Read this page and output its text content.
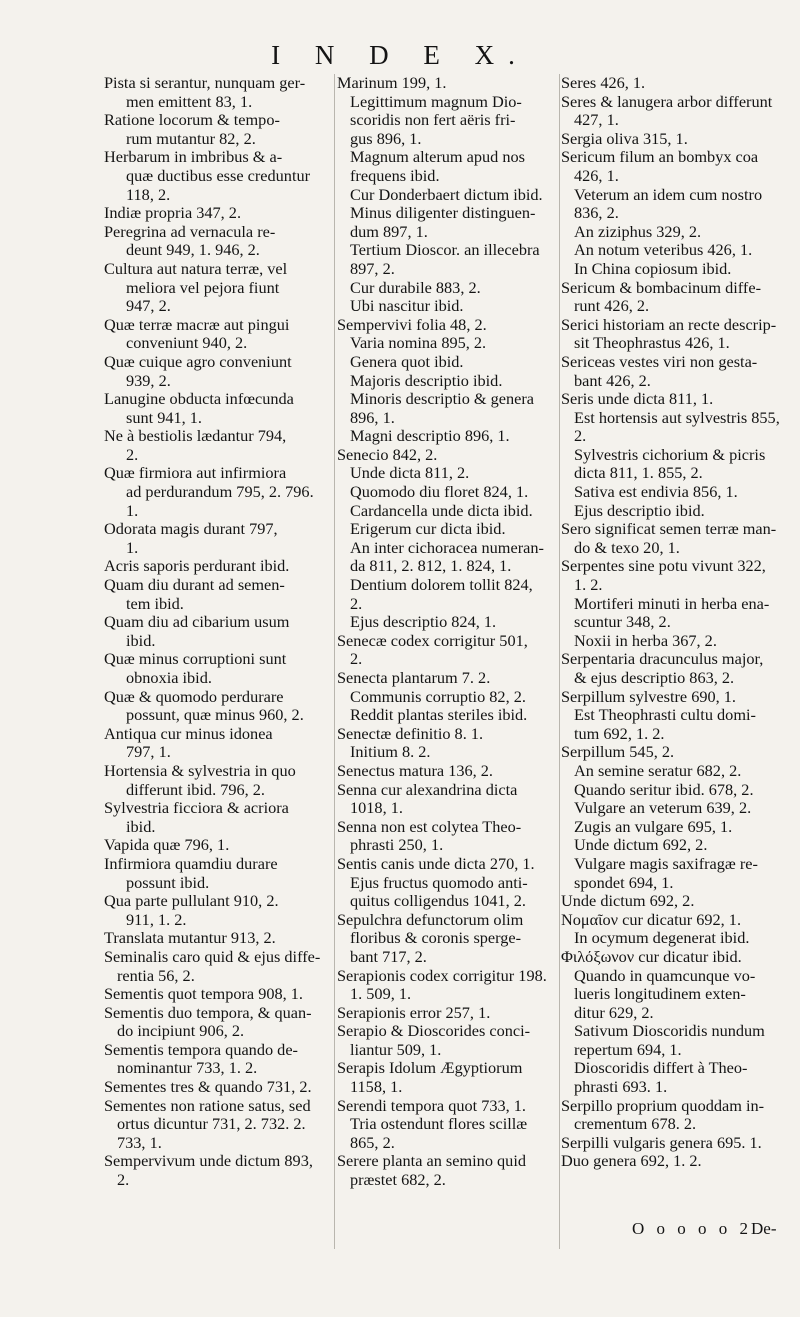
I N D E X.
Pista si serantur, nunquam ger-
men emittent 83, 1.
Ratione locorum & tempo-
rum mutantur 82, 2.
Herbarum in imbribus & a-
quæ ductibus esse creduntur
118, 2.
Indiæ propria 347, 2.
Peregrina ad vernacula re-
deunt 949, 1. 946, 2.
Cultura aut natura terræ, vel
meliora vel pejora fiunt
947, 2.
Quæ terræ macræ aut pingui
conveniunt 940, 2.
Quæ cuique agro conveniunt
939, 2.
Lanugine obducta infœcunda
sunt 941, 1.
Ne à bestiolis lædantur 794,
2.
Quæ firmiora aut infirmiora
ad perdurandum 795, 2. 796.
1.
Odorata magis durant 797,
1.
Acris saporis perdurant ibid.
Quam diu durant ad semen-
tem ibid.
Quam diu ad cibarium usum
ibid.
Quæ minus corruptioni sunt
obnoxia ibid.
Quæ & quomodo perdurare
possunt, quæ minus 960, 2.
Antiqua cur minus idonea
797, 1.
Hortensia & sylvestria in quo
differunt ibid. 796, 2.
Sylvestria ficciora & acriora
ibid.
Vapida quæ 796, 1.
Infirmiora quamdiu durare
possunt ibid.
Qua parte pullulant 910, 2.
911, 1. 2.
Translata mutantur 913, 2.
Seminalis caro quid & ejus diffe-
rentia 56, 2.
Sementis quot tempora 908, 1.
Sementis duo tempora, & quan-
do incipiunt 906, 2.
Sementis tempora quando de-
nominantur 733, 1. 2.
Sementes tres & quando 731, 2.
Sementes non ratione satus, sed
ortus dicuntur 731, 2. 732. 2.
733, 1.
Sempervivum unde dictum 893,
2.
Marinum 199, 1.
Legittimum magnum Dio-
scoridis non fert aëris fri-
gus 896, 1.
Magnum alterum apud nos
frequens ibid.
Cur Donderbaert dictum ibid.
Minus diligenter distinguen-
dum 897, 1.
Tertium Dioscor. an illecebra
897, 2.
Cur durabile 883, 2.
Ubi nascitur ibid.
Sempervivi folia 48, 2.
Varia nomina 895, 2.
Genera quot ibid.
Majoris descriptio ibid.
Minoris descriptio & genera
896, 1.
Magni descriptio 896, 1.
Senecio 842, 2.
Unde dicta 811, 2.
Quomodo diu floret 824, 1.
Cardancella unde dicta ibid.
Erigerum cur dicta ibid.
An inter cichoracea numeran-
da 811, 2. 812, 1. 824, 1.
Dentium dolorem tollit 824,
2.
Ejus descriptio 824, 1.
Senecæ codex corrigitur 501,
2.
Senecta plantarum 7. 2.
Communis corruptio 82, 2.
Reddit plantas steriles ibid.
Senectæ definitio 8. 1.
Initium 8. 2.
Senectus matura 136, 2.
Senna cur alexandrina dicta
1018, 1.
Senna non est colytea Theo-
phrasti 250, 1.
Sentis canis unde dicta 270, 1.
Ejus fructus quomodo anti-
quitus colligendus 1041, 2.
Sepulchra defunctorum olim
floribus & coronis sperge-
bant 717, 2.
Serapionis codex corrigitur 198.
1. 509, 1.
Serapionis error 257, 1.
Serapio & Dioscorides conci-
liantur 509, 1.
Serapis Idolum Ægyptiorum
1158, 1.
Serendi tempora quot 733, 1.
Tria ostendunt flores scillæ
865, 2.
Serere planta an semino quid
præstet 682, 2.
Seres 426, 1.
Seres & lanugera arbor differunt
427, 1.
Sergia oliva 315, 1.
Sericum filum an bombyx coa
426, 1.
Veterum an idem cum nostro
836, 2.
An ziziphus 329, 2.
An notum veteribus 426, 1.
In China copiosum ibid.
Sericum & bombacinum diffe-
runt 426, 2.
Serici historiam an recte descrip-
sit Theophrastus 426, 1.
Sericeas vestes viri non gesta-
bant 426, 2.
Seris unde dicta 811, 1.
Est hortensis aut sylvestris 855,
2.
Sylvestris cichorium & picris
dicta 811, 1. 855, 2.
Sativa est endivia 856, 1.
Ejus descriptio ibid.
Sero significat semen terræ man-
do & texo 20, 1.
Serpentes sine potu vivunt 322,
1. 2.
Mortiferi minuti in herba ena-
scuntur 348, 2.
Noxii in herba 367, 2.
Serpentaria dracunculus major,
& ejus descriptio 863, 2.
Serpillum sylvestre 690, 1.
Est Theophrasti cultu domi-
tum 692, 1. 2.
Serpillum 545, 2.
An semine seratur 682, 2.
Quando seritur ibid. 678, 2.
Vulgare an veterum 639, 2.
Zugis an vulgare 695, 1.
Unde dictum 692, 2.
Vulgare magis saxifragæ re-
spondet 694, 1.
Unde dictum 692, 2.
Νομαῖον cur dicatur 692, 1.
In ocymum degenerat ibid.
Φιλόξωνον cur dicatur ibid.
Quando in quamcunque vo-
lueris longitudinem exten-
ditur 629, 2.
Sativum Dioscoridis nundum
repertum 694, 1.
Dioscoridis differt à Theo-
phrasti 693. 1.
Serpillo proprium quoddam in-
crementum 678. 2.
Serpilli vulgaris genera 695. 1.
Duo genera 692, 1. 2.
O o o o o 2
De-
